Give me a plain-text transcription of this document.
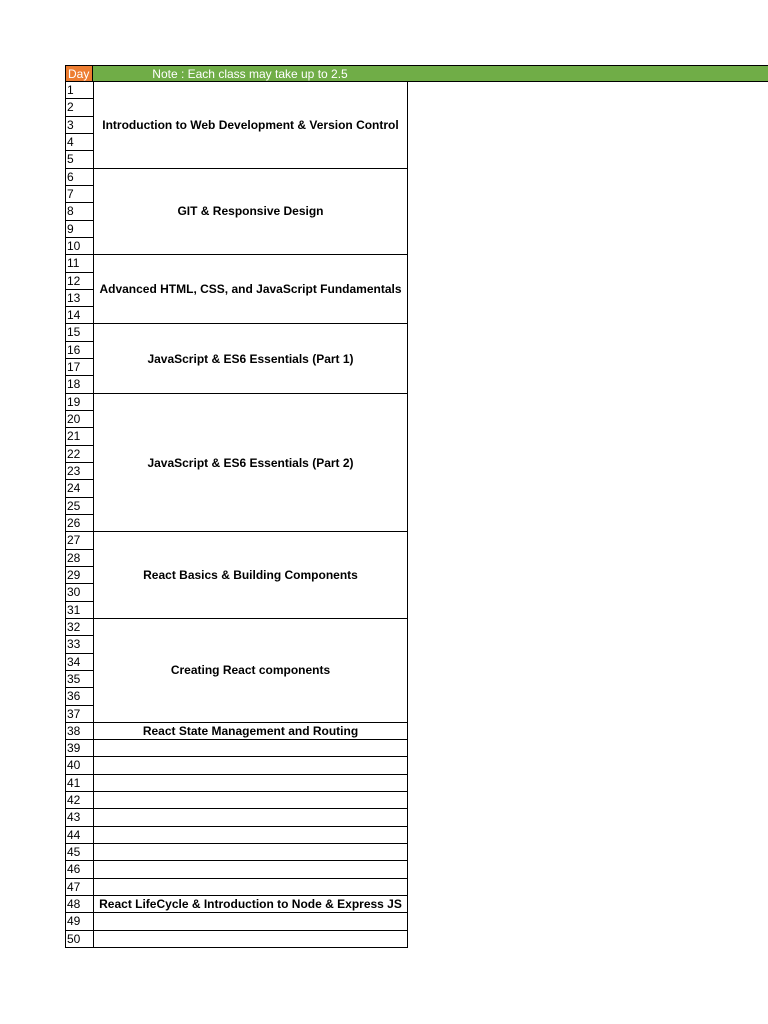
Day	Note : Each class may take up to 2.5
1
2
3
4
5
6
7
8
9
10
11
12
13
14
15
16
17
18
19
20
21
22
23
24
25
26
27
28
29
30
31
32
33
34
35
36
37
38
39
40
41
42
43
44
45
46
47
48
49
50
Introduction to Web Development & Version Control
GIT & Responsive Design
Advanced HTML, CSS, and JavaScript Fundamentals
JavaScript & ES6 Essentials (Part 1)
JavaScript & ES6 Essentials (Part 2)
React Basics & Building Components
Creating React components
React State Management and Routing
React LifeCycle & Introduction to Node & Express JS
